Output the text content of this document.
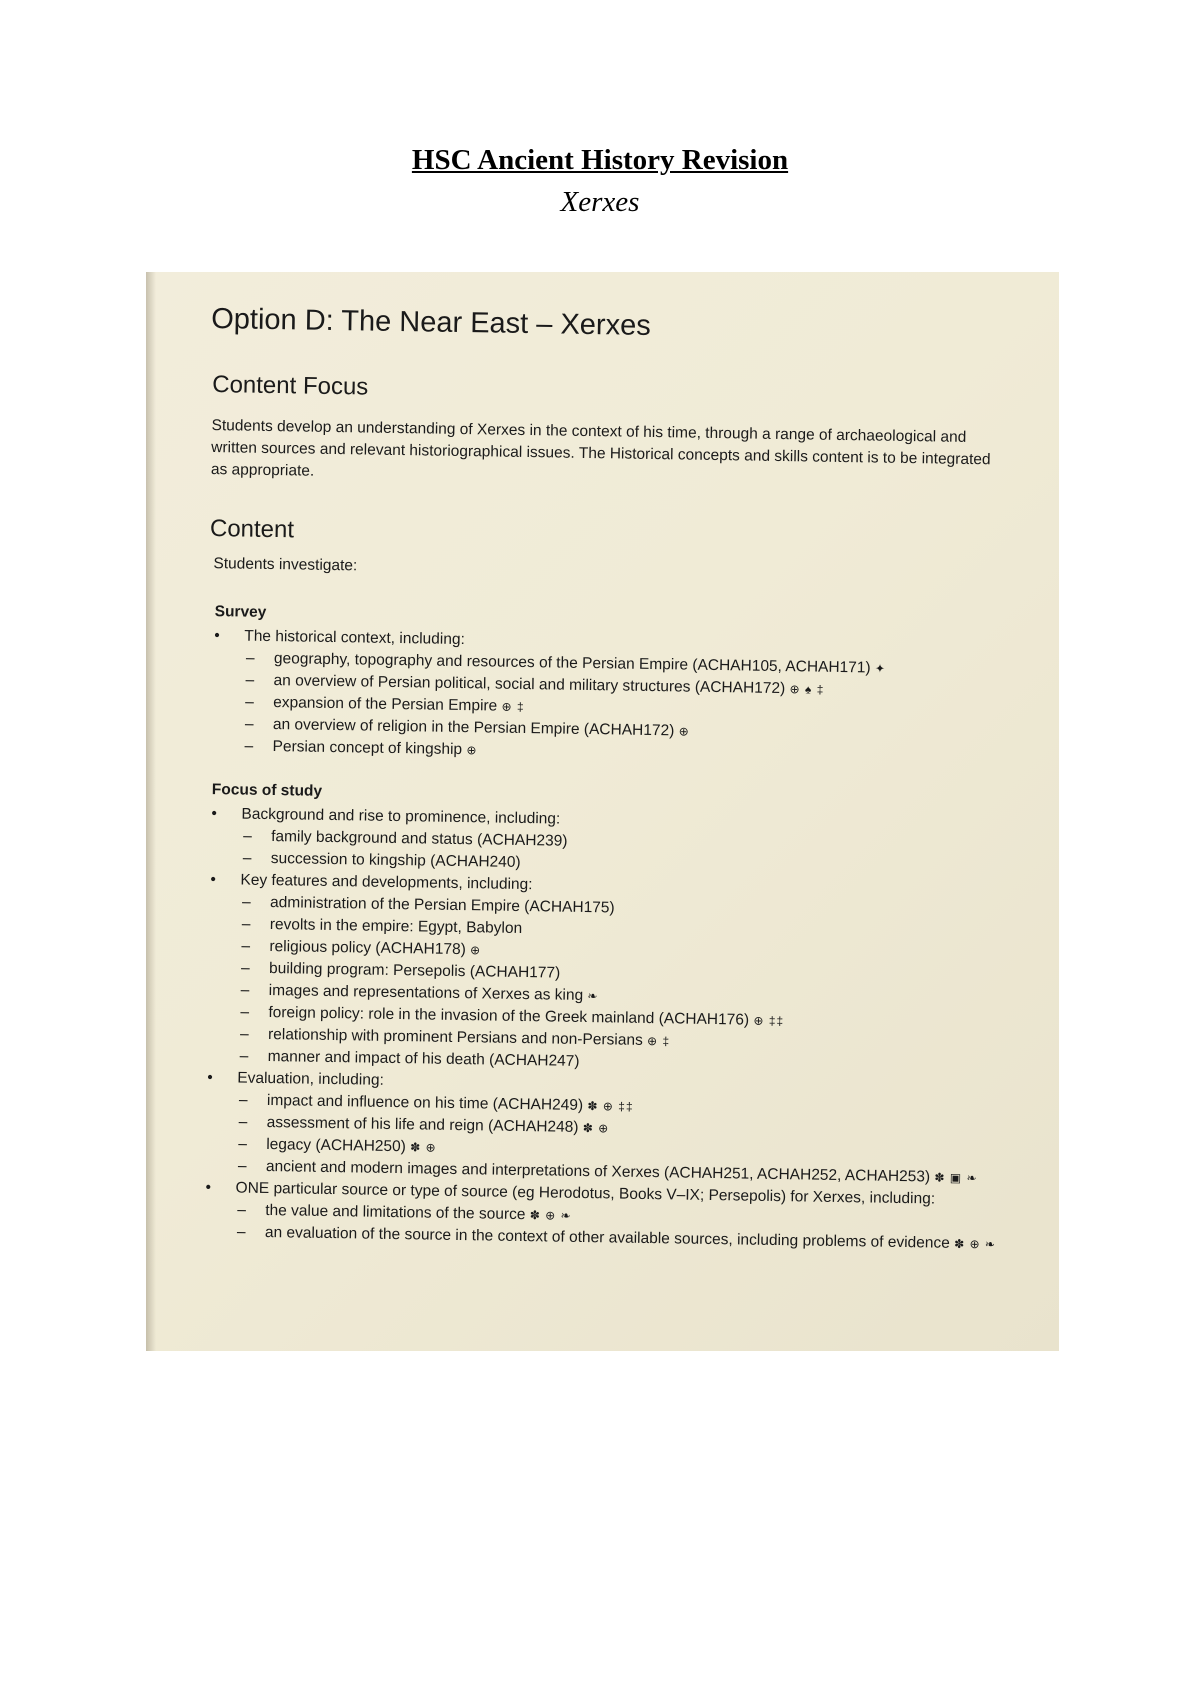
HSC Ancient History Revision
Xerxes
Option D: The Near East – Xerxes
Content Focus
Students develop an understanding of Xerxes in the context of his time, through a range of archaeological and written sources and relevant historiographical issues. The Historical concepts and skills content is to be integrated as appropriate.
Content
Students investigate:
Survey
• The historical context, including:
– geography, topography and resources of the Persian Empire (ACHAH105, ACHAH171) ✦
– an overview of Persian political, social and military structures (ACHAH172) ⊕ ♠ ‡
– expansion of the Persian Empire ⊕ ‡
– an overview of religion in the Persian Empire (ACHAH172) ⊕
– Persian concept of kingship ⊕
Focus of study
• Background and rise to prominence, including:
– family background and status (ACHAH239)
– succession to kingship (ACHAH240)
• Key features and developments, including:
– administration of the Persian Empire (ACHAH175)
– revolts in the empire: Egypt, Babylon
– religious policy (ACHAH178) ⊕
– building program: Persepolis (ACHAH177)
– images and representations of Xerxes as king ❧
– foreign policy: role in the invasion of the Greek mainland (ACHAH176) ⊕ ‡‡
– relationship with prominent Persians and non-Persians ⊕ ‡
– manner and impact of his death (ACHAH247)
• Evaluation, including:
– impact and influence on his time (ACHAH249) ✽ ⊕ ‡‡
– assessment of his life and reign (ACHAH248) ✽ ⊕
– legacy (ACHAH250) ✽ ⊕
– ancient and modern images and interpretations of Xerxes (ACHAH251, ACHAH252, ACHAH253) ✽ ▣ ❧
• ONE particular source or type of source (eg Herodotus, Books V–IX; Persepolis) for Xerxes, including:
– the value and limitations of the source ✽ ⊕ ❧
– an evaluation of the source in the context of other available sources, including problems of evidence ✽ ⊕ ❧
